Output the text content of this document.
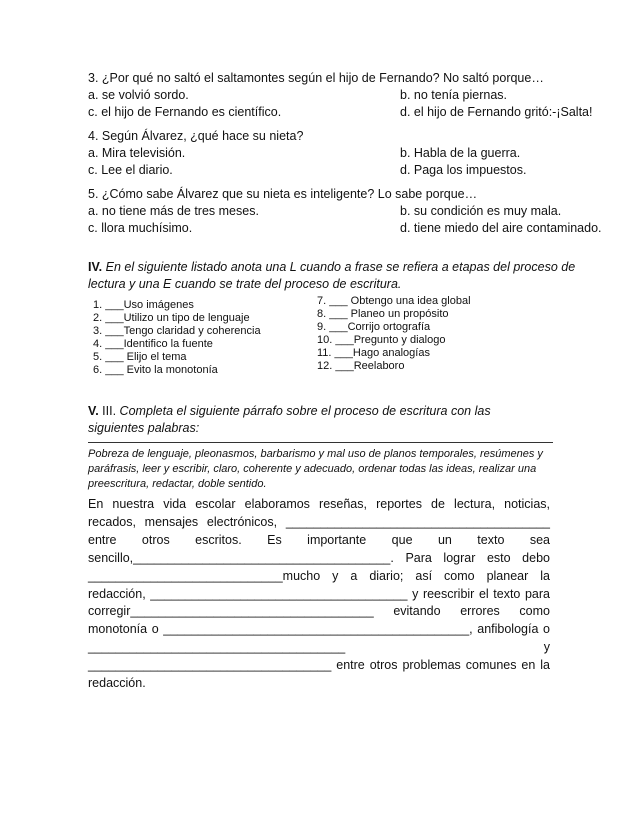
3. ¿Por qué no saltó el saltamontes según el hijo de Fernando? No saltó porque…
a. se volvió sordo.	b. no tenía piernas.
c. el hijo de Fernando es científico.	d. el hijo de Fernando gritó:-¡Salta!
4. Según Álvarez, ¿qué hace su nieta?
a. Mira televisión.	b. Habla de la guerra.
c. Lee el diario.	d. Paga los impuestos.
5. ¿Cómo sabe Álvarez que su nieta es inteligente? Lo sabe porque…
a. no tiene más de tres meses.	b. su condición es muy mala.
c. llora muchísimo.	d. tiene miedo del aire contaminado.
IV. En el siguiente listado anota una L cuando a frase se refiera a etapas del proceso de lectura y una E cuando se trate del proceso de escritura.
1. ___Uso imágenes
2. ___Utilizo un tipo de lenguaje
3. ___Tengo claridad y coherencia
4. ___Identifico la fuente
5. ___ Elijo el tema
6. ___ Evito la monotonía
7. ___ Obtengo una idea global
8. ___ Planeo un propósito
9. ___Corrijo ortografía
10. ___Pregunto y dialogo
11. ___Hago analogías
12. ___Reelaboro
V. III. Completa el siguiente párrafo sobre el proceso de escritura con las siguientes palabras:
Pobreza de lenguaje, pleonasmos, barbarismo y mal uso de planos temporales, resúmenes y paráfrasis, leer y escribir, claro, coherente y adecuado, ordenar todas las ideas, realizar una preescritura, redactar, doble sentido.
En nuestra vida escolar elaboramos reseñas, reportes de lectura, noticias, recados, mensajes electrónicos, ______________________________________ entre otros escritos. Es importante que un texto sea sencillo,_____________________________________. Para lograr esto debo ____________________________mucho y a diario; así como planear la redacción, _____________________________________ y reescribir el texto para corregir___________________________________ evitando errores como monotonía o ____________________________________________, anfibología o _____________________________________ y ___________________________________ entre otros problemas comunes en la redacción.
